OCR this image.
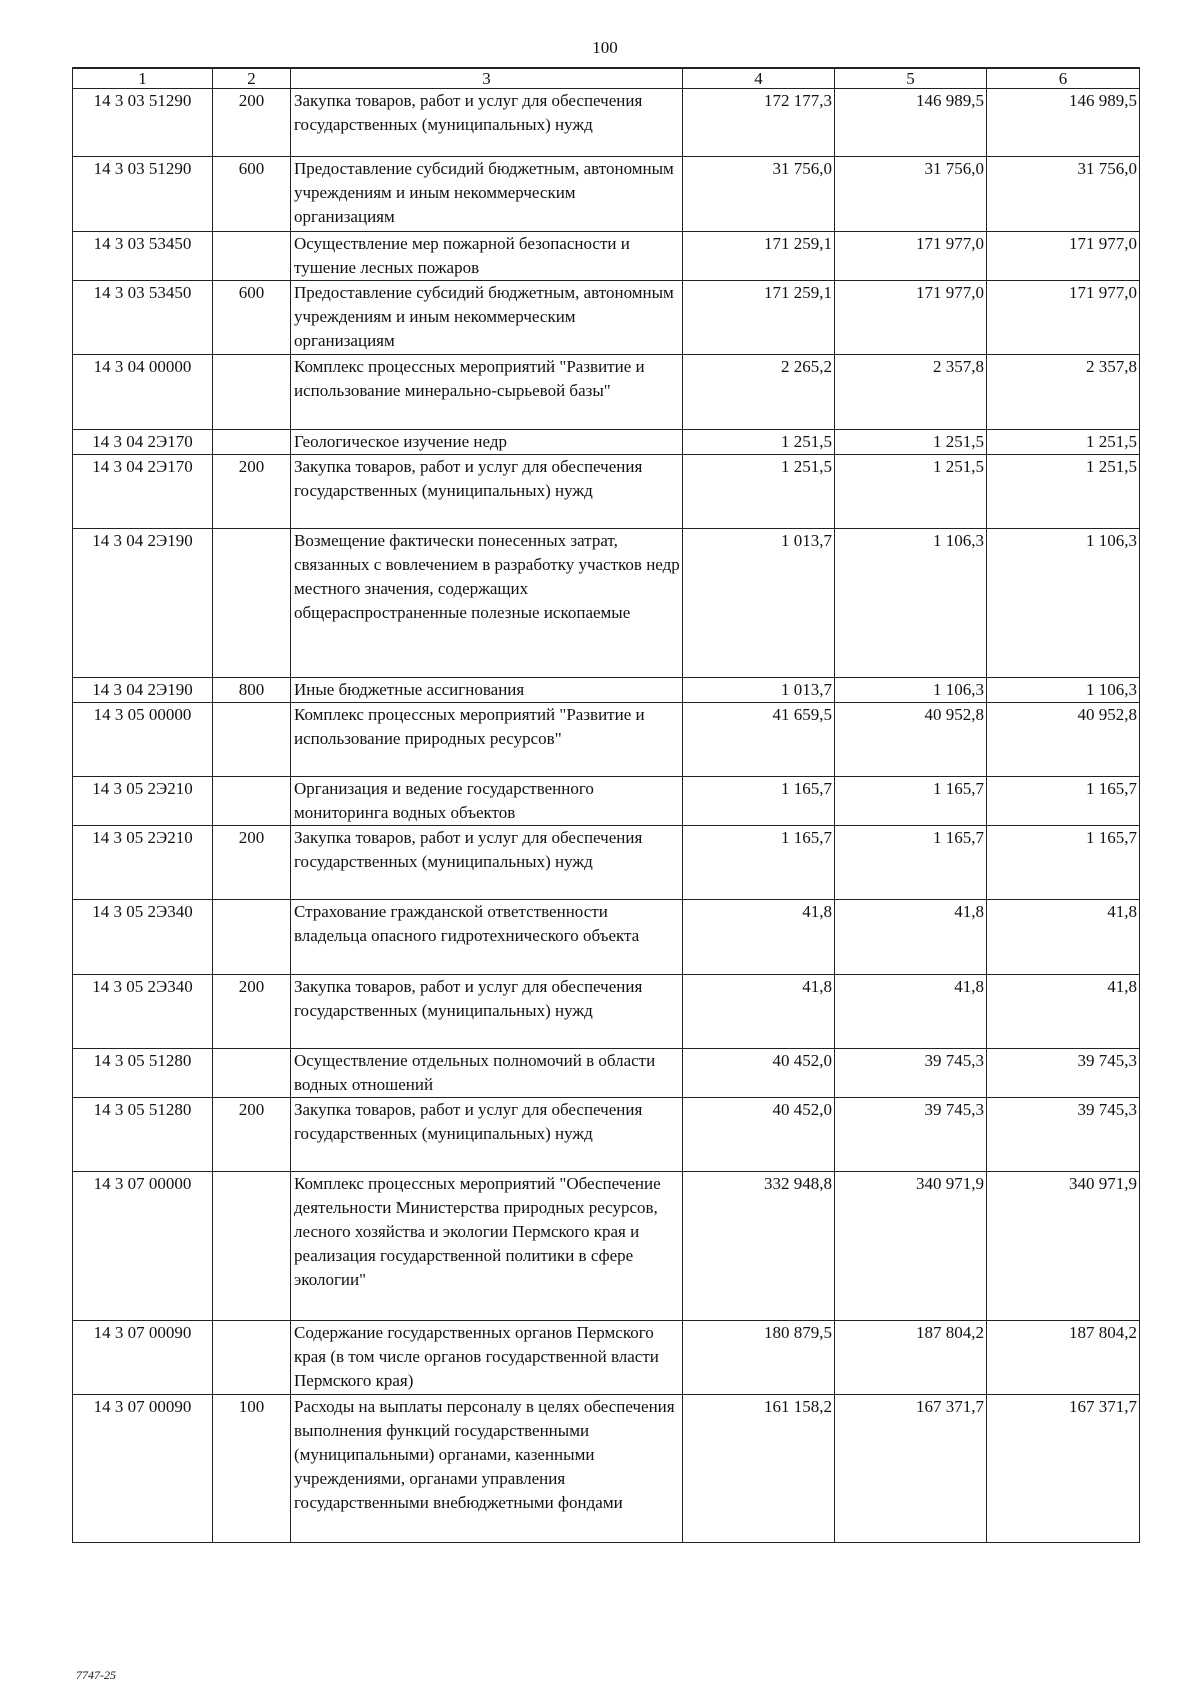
100
1	2	3	4	5	6
14 3 03 51290	200	Закупка товаров, работ и услуг для обеспечения государственных (муниципальных) нужд	172 177,3	146 989,5	146 989,5
14 3 03 51290	600	Предоставление субсидий бюджетным, автономным учреждениям и иным некоммерческим организациям	31 756,0	31 756,0	31 756,0
14 3 03 53450		Осуществление мер пожарной безопасности и тушение лесных пожаров	171 259,1	171 977,0	171 977,0
14 3 03 53450	600	Предоставление субсидий бюджетным, автономным учреждениям и иным некоммерческим организациям	171 259,1	171 977,0	171 977,0
14 3 04 00000		Комплекс процессных мероприятий "Развитие и использование минерально-сырьевой базы"	2 265,2	2 357,8	2 357,8
14 3 04 2Э170		Геологическое изучение недр	1 251,5	1 251,5	1 251,5
14 3 04 2Э170	200	Закупка товаров, работ и услуг для обеспечения государственных (муниципальных) нужд	1 251,5	1 251,5	1 251,5
14 3 04 2Э190		Возмещение фактически понесенных затрат, связанных с вовлечением в разработку участков недр местного значения, содержащих общераспространенные полезные ископаемые	1 013,7	1 106,3	1 106,3
14 3 04 2Э190	800	Иные бюджетные ассигнования	1 013,7	1 106,3	1 106,3
14 3 05 00000		Комплекс процессных мероприятий "Развитие и использование природных ресурсов"	41 659,5	40 952,8	40 952,8
14 3 05 2Э210		Организация и ведение государственного мониторинга водных объектов	1 165,7	1 165,7	1 165,7
14 3 05 2Э210	200	Закупка товаров, работ и услуг для обеспечения государственных (муниципальных) нужд	1 165,7	1 165,7	1 165,7
14 3 05 2Э340		Страхование гражданской ответственности владельца опасного гидротехнического объекта	41,8	41,8	41,8
14 3 05 2Э340	200	Закупка товаров, работ и услуг для обеспечения государственных (муниципальных) нужд	41,8	41,8	41,8
14 3 05 51280		Осуществление отдельных полномочий в области водных отношений	40 452,0	39 745,3	39 745,3
14 3 05 51280	200	Закупка товаров, работ и услуг для обеспечения государственных (муниципальных) нужд	40 452,0	39 745,3	39 745,3
14 3 07 00000		Комплекс процессных мероприятий "Обеспечение деятельности Министерства природных ресурсов, лесного хозяйства и экологии Пермского края и реализация государственной политики в сфере экологии"	332 948,8	340 971,9	340 971,9
14 3 07 00090		Содержание государственных органов Пермского края (в том числе органов государственной власти Пермского края)	180 879,5	187 804,2	187 804,2
14 3 07 00090	100	Расходы на выплаты персоналу в целях обеспечения выполнения функций государственными (муниципальными) органами, казенными учреждениями, органами управления государственными внебюджетными фондами	161 158,2	167 371,7	167 371,7
7747-25
